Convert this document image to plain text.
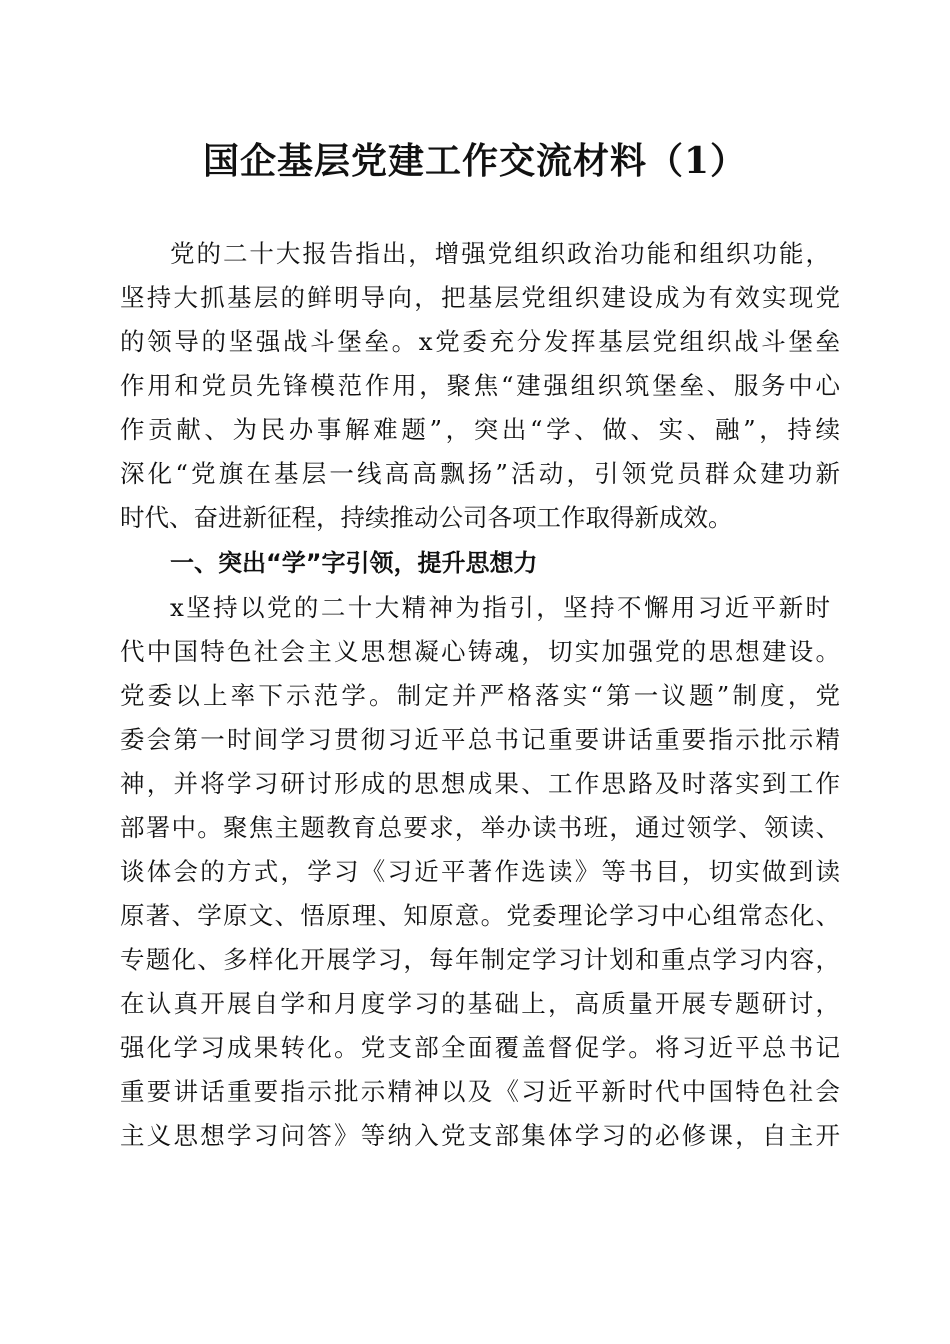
国企基层党建工作交流材料（1）
党的二十大报告指出，增强党组织政治功能和组织功能，
坚持大抓基层的鲜明导向，把基层党组织建设成为有效实现党
的领导的坚强战斗堡垒。x党委充分发挥基层党组织战斗堡垒
作用和党员先锋模范作用，聚焦“建强组织筑堡垒、服务中心
作贡献、为民办事解难题”，突出“学、做、实、融”，持续
深化“党旗在基层一线高高飘扬”活动，引领党员群众建功新
时代、奋进新征程，持续推动公司各项工作取得新成效。
一、突出“学”字引领，提升思想力
x坚持以党的二十大精神为指引，坚持不懈用习近平新时
代中国特色社会主义思想凝心铸魂，切实加强党的思想建设。
党委以上率下示范学。制定并严格落实“第一议题”制度，党
委会第一时间学习贯彻习近平总书记重要讲话重要指示批示精
神，并将学习研讨形成的思想成果、工作思路及时落实到工作
部署中。聚焦主题教育总要求，举办读书班，通过领学、领读、
谈体会的方式，学习《习近平著作选读》等书目，切实做到读
原著、学原文、悟原理、知原意。党委理论学习中心组常态化、
专题化、多样化开展学习，每年制定学习计划和重点学习内容，
在认真开展自学和月度学习的基础上，高质量开展专题研讨，
强化学习成果转化。党支部全面覆盖督促学。将习近平总书记
重要讲话重要指示批示精神以及《习近平新时代中国特色社会
主义思想学习问答》等纳入党支部集体学习的必修课，自主开
